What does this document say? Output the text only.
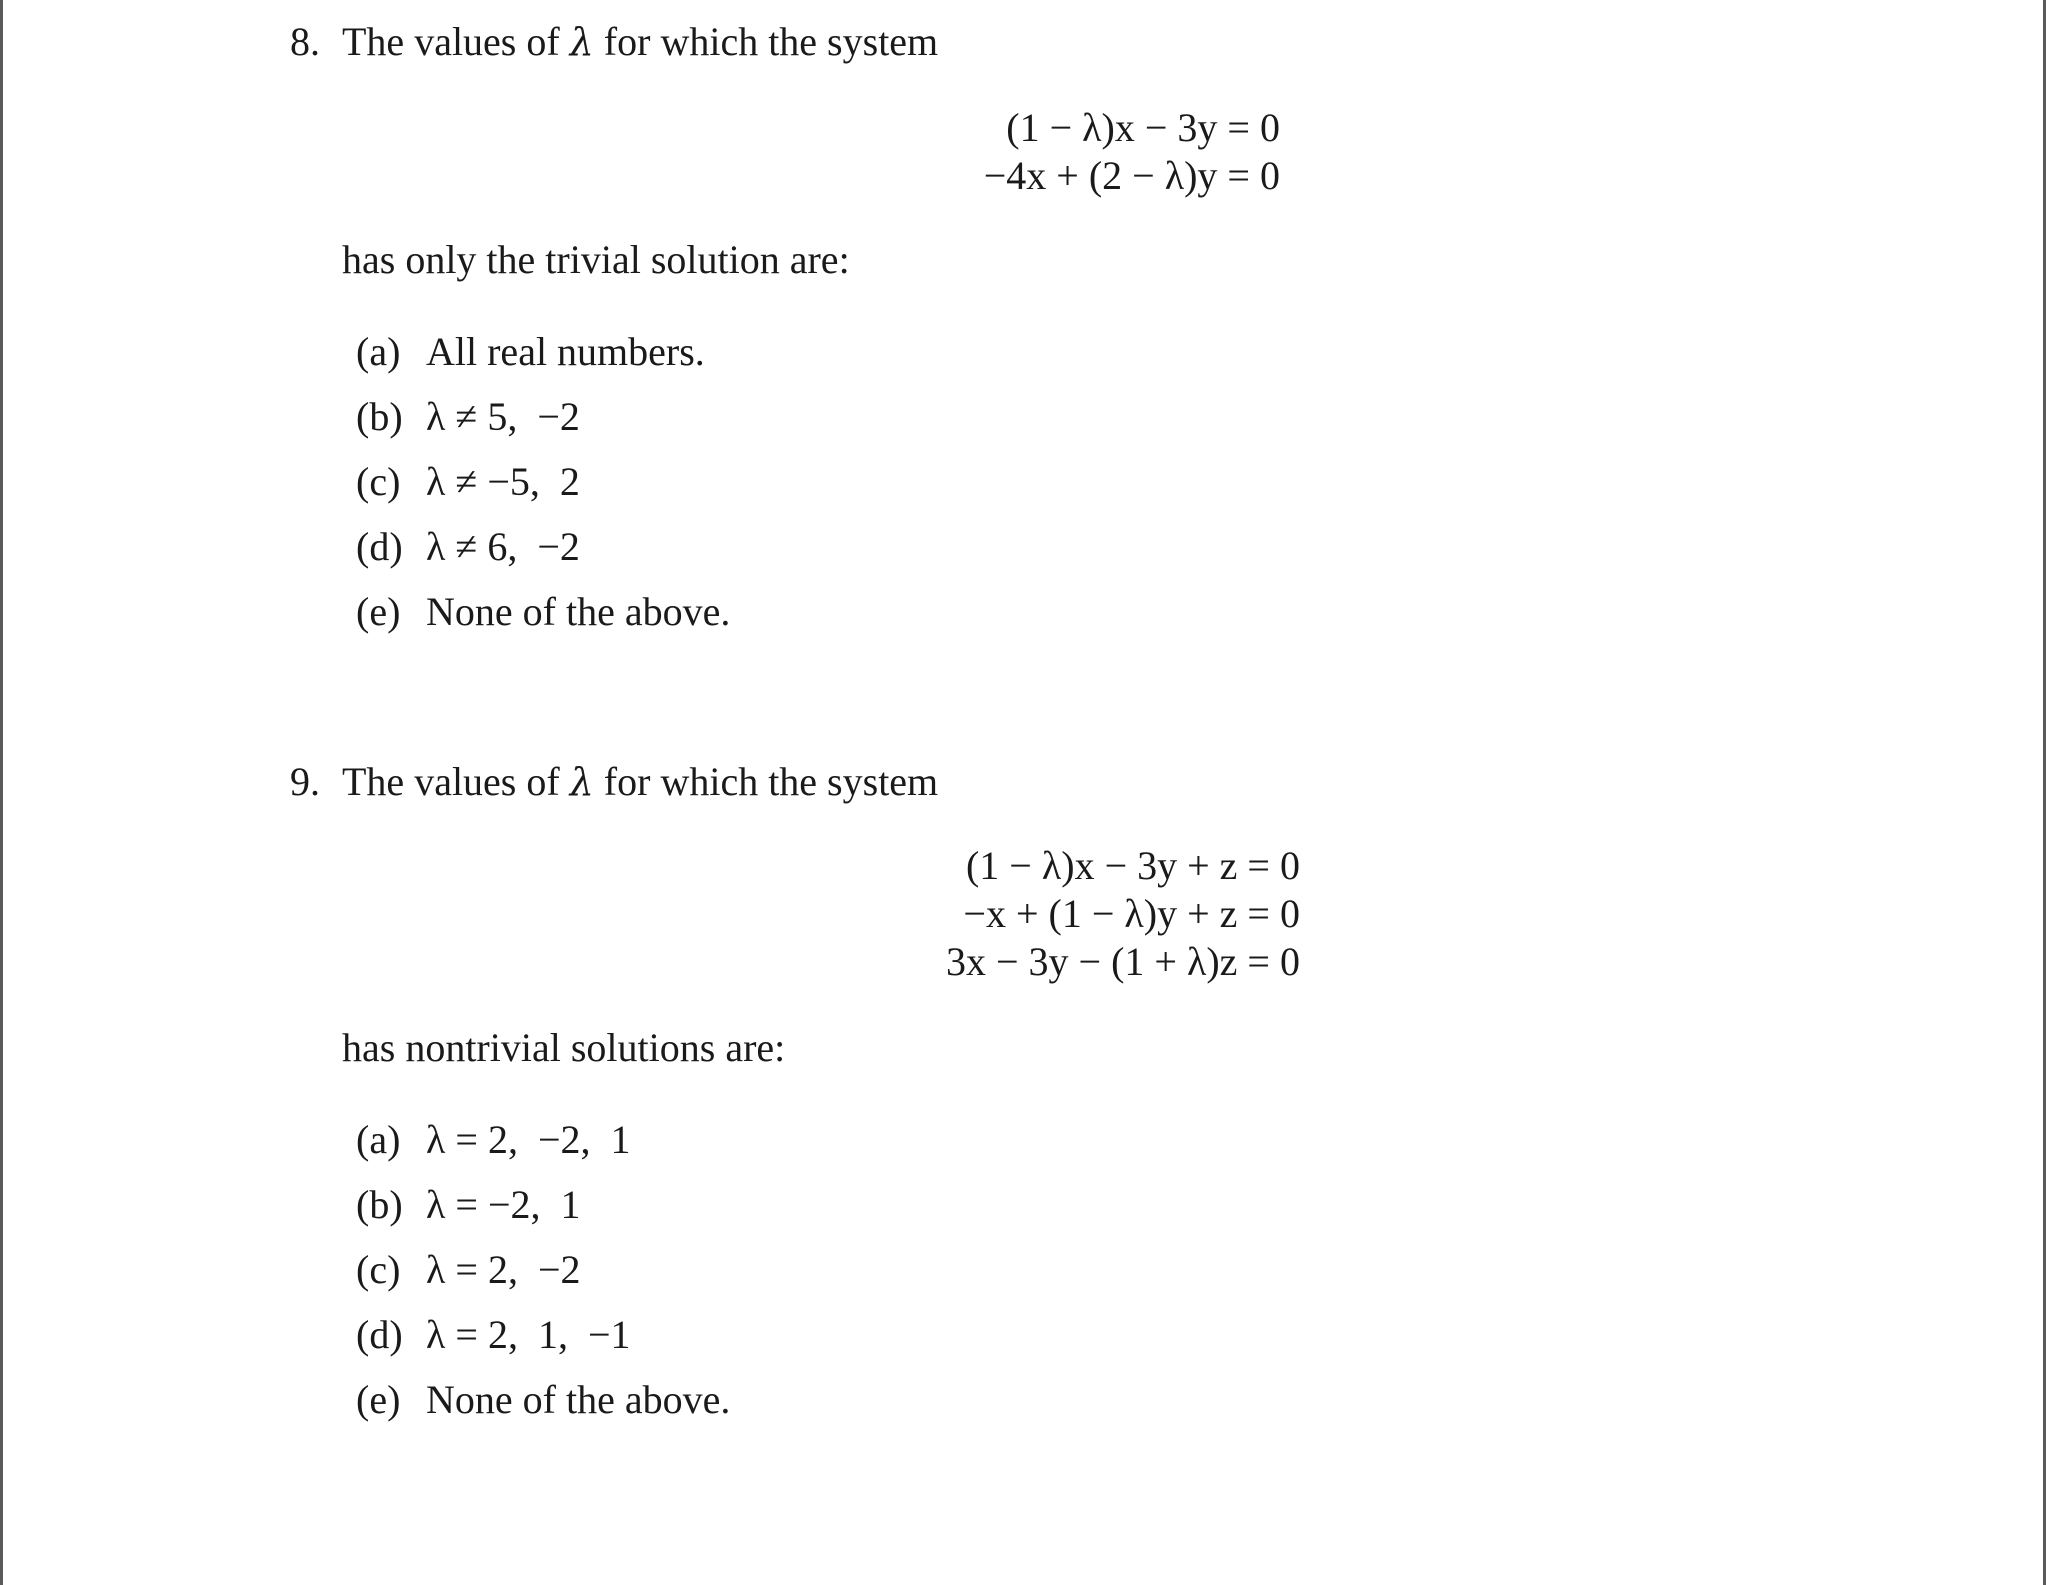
8. The values of λ for which the system
(1 − λ)x − 3y = 0
−4x + (2 − λ)y = 0
has only the trivial solution are:
(a) All real numbers.
(b) λ ≠ 5,  −2
(c) λ ≠ −5,  2
(d) λ ≠ 6,  −2
(e) None of the above.
9. The values of λ for which the system
(1 − λ)x − 3y + z = 0
−x + (1 − λ)y + z = 0
3x − 3y − (1 + λ)z = 0
has nontrivial solutions are:
(a) λ = 2,  −2,  1
(b) λ = −2,  1
(c) λ = 2,  −2
(d) λ = 2,  1,  −1
(e) None of the above.
